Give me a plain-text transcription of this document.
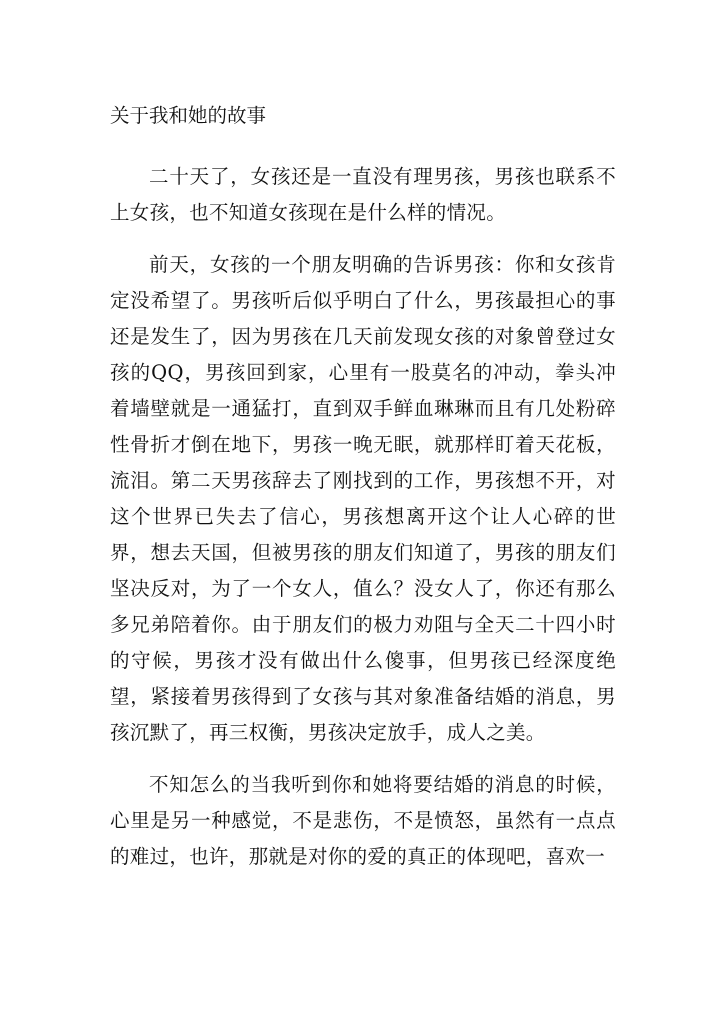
关于我和她的故事

二十天了，女孩还是一直没有理男孩，男孩也联系不上女孩，也不知道女孩现在是什么样的情况。

前天，女孩的一个朋友明确的告诉男孩：你和女孩肯定没希望了。男孩听后似乎明白了什么，男孩最担心的事还是发生了，因为男孩在几天前发现女孩的对象曾登过女孩的QQ，男孩回到家，心里有一股莫名的冲动，拳头冲着墙壁就是一通猛打，直到双手鲜血琳琳而且有几处粉碎性骨折才倒在地下，男孩一晚无眠，就那样盯着天花板，流泪。第二天男孩辞去了刚找到的工作，男孩想不开，对这个世界已失去了信心，男孩想离开这个让人心碎的世界，想去天国，但被男孩的朋友们知道了，男孩的朋友们坚决反对，为了一个女人，值么？没女人了，你还有那么多兄弟陪着你。由于朋友们的极力劝阻与全天二十四小时的守候，男孩才没有做出什么傻事，但男孩已经深度绝望，紧接着男孩得到了女孩与其对象准备结婚的消息，男孩沉默了，再三权衡，男孩决定放手，成人之美。

不知怎么的当我听到你和她将要结婚的消息的时候，心里是另一种感觉，不是悲伤，不是愤怒，虽然有一点点的难过，也许，那就是对你的爱的真正的体现吧，喜欢一
